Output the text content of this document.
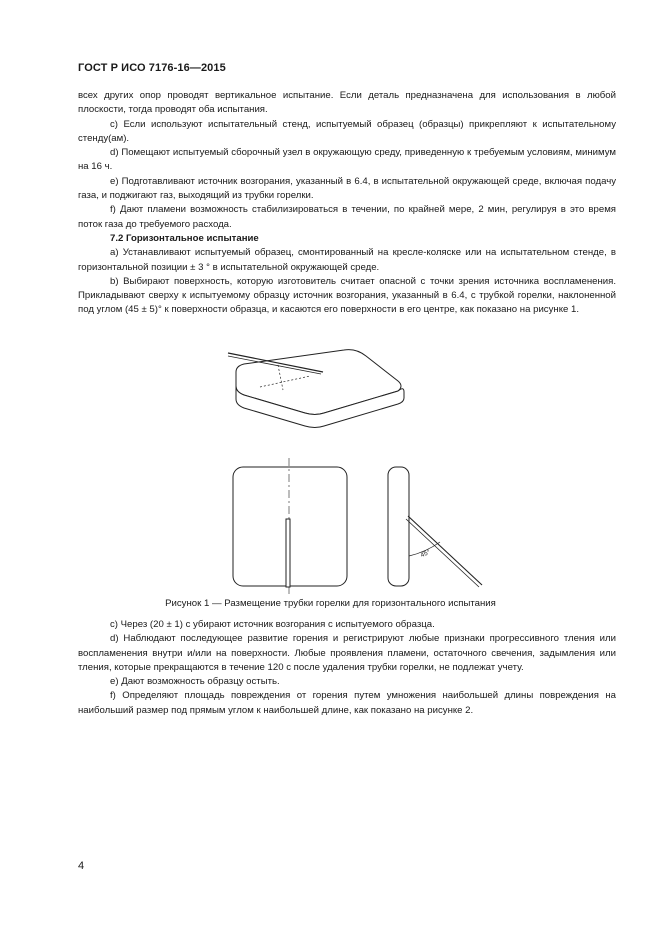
ГОСТ Р ИСО 7176-16—2015

всех других опор проводят вертикальное испытание. Если деталь предназначена для использования в любой плоскости, тогда проводят оба испытания.

с) Если используют испытательный стенд, испытуемый образец (образцы) прикрепляют к испытательному стенду(ам).

d) Помещают испытуемый сборочный узел в окружающую среду, приведенную к требуемым условиям, минимум на 16 ч.

е) Подготавливают источник возгорания, указанный в 6.4, в испытательной окружающей среде, включая подачу газа, и поджигают газ, выходящий из трубки горелки.

f) Дают пламени возможность стабилизироваться в течении, по крайней мере, 2 мин, регулируя в это время поток газа до требуемого расхода.

7.2 Горизонтальное испытание

а) Устанавливают испытуемый образец, смонтированный на кресле-коляске или на испытательном стенде, в горизонтальной позиции ± 3 ° в испытательной окружающей среде.

b) Выбирают поверхность, которую изготовитель считает опасной с точки зрения источника воспламенения. Прикладывают сверху к испытуемому образцу источник возгорания, указанный в 6.4, с трубкой горелки, наклоненной под углом (45 ± 5)° к поверхности образца, и касаются его поверхности в его центре, как показано на рисунке 1.

45°
Рисунок 1 — Размещение трубки горелки для горизонтального испытания

с) Через (20 ± 1) с убирают источник возгорания с испытуемого образца.

d) Наблюдают последующее развитие горения и регистрируют любые признаки прогрессивного тления или воспламенения внутри и/или на поверхности. Любые проявления пламени, остаточного свечения, задымления или тления, которые прекращаются в течение 120 с после удаления трубки горелки, не подлежат учету.

е) Дают возможность образцу остыть.

f) Определяют площадь повреждения от горения путем умножения наибольшей длины повреждения на наибольший размер под прямым углом к наибольшей длине, как показано на рисунке 2.

4
